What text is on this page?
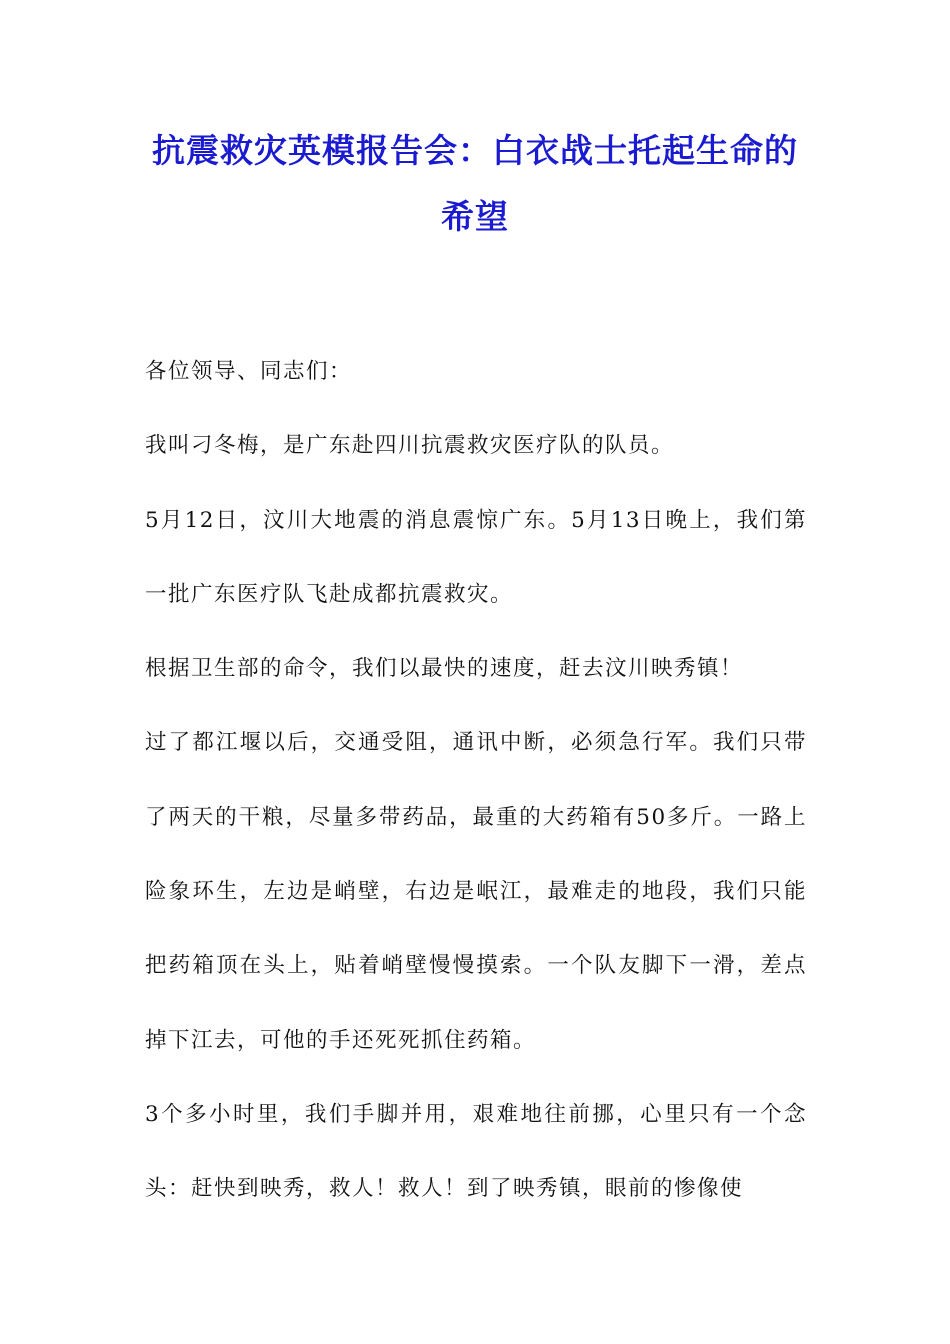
抗震救灾英模报告会：白衣战士托起生命的希望

各位领导、同志们：

我叫刁冬梅，是广东赴四川抗震救灾医疗队的队员。

5月12日，汶川大地震的消息震惊广东。5月13日晚上，我们第一批广东医疗队飞赴成都抗震救灾。

根据卫生部的命令，我们以最快的速度，赶去汶川映秀镇！

过了都江堰以后，交通受阻，通讯中断，必须急行军。我们只带了两天的干粮，尽量多带药品，最重的大药箱有50多斤。一路上险象环生，左边是峭壁，右边是岷江，最难走的地段，我们只能把药箱顶在头上，贴着峭壁慢慢摸索。一个队友脚下一滑，差点掉下江去，可他的手还死死抓住药箱。

3个多小时里，我们手脚并用，艰难地往前挪，心里只有一个念头：赶快到映秀，救人！救人！到了映秀镇，眼前的惨像使
